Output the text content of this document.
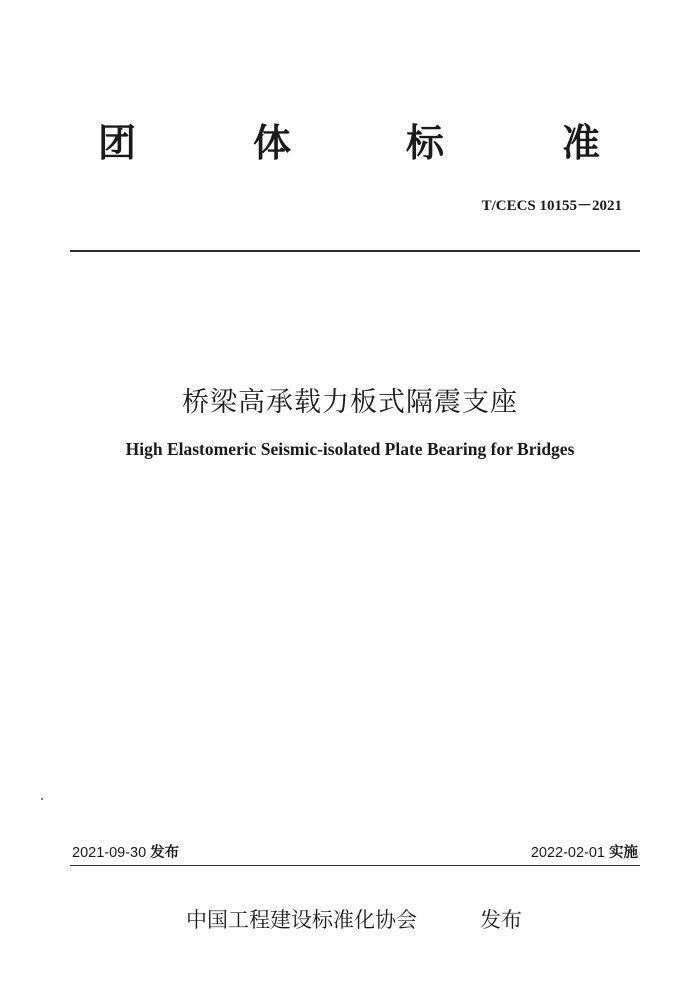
团	体	标	准
T/CECS 10155－2021
桥梁高承载力板式隔震支座
High Elastomeric Seismic-isolated Plate Bearing for Bridges
2021-09-30 发布	2022-02-01 实施
中国工程建设标准化协会	发布
